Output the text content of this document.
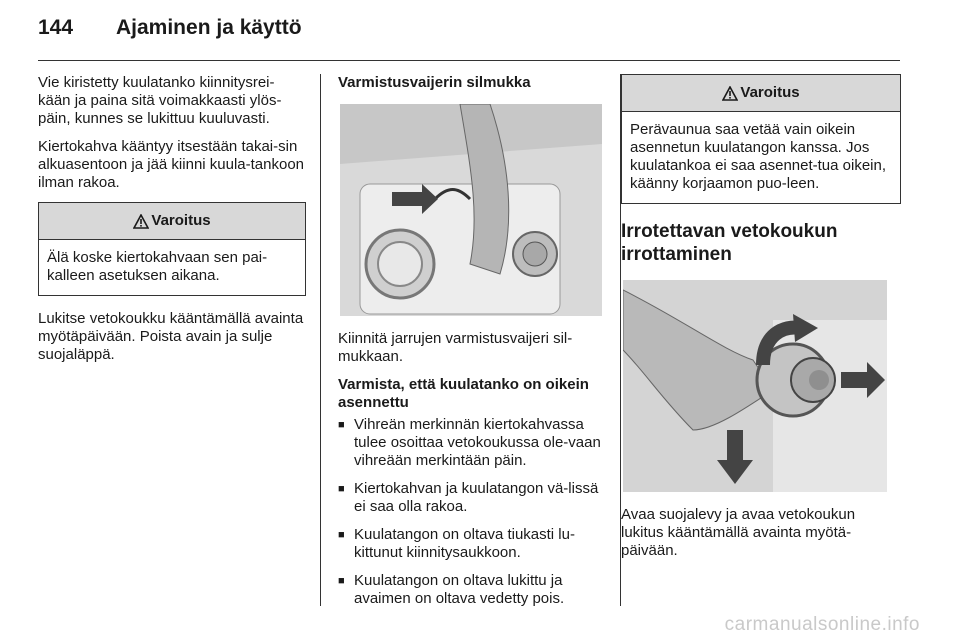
144 Ajaminen ja käyttö

Vie kiristetty kuulatanko kiinnitysrei-kään ja paina sitä voimakkaasti ylös-päin, kunnes se lukittuu kuuluvasti.

Kiertokahva kääntyy itsestään takai-sin alkuasentoon ja jää kiinni kuula-tankoon ilman rakoa.

Varoitus
Älä koske kiertokahvaan sen pai-kalleen asetuksen aikana.

Lukitse vetokoukku kääntämällä avainta myötäpäivään. Poista avain ja sulje suojaläppä.

Varmistusvaijerin silmukka

Kiinnitä jarrujen varmistusvaijeri sil-mukkaan.

Varmista, että kuulatanko on oikein asennettu
■ Vihreän merkinnän kiertokahvassa tulee osoittaa vetokoukussa ole-vaan vihreään merkintään päin.
■ Kiertokahvan ja kuulatangon vä-lissä ei saa olla rakoa.
■ Kuulatangon on oltava tiukasti lu-kittunut kiinnitysaukkoon.
■ Kuulatangon on oltava lukittu ja avaimen on oltava vedetty pois.
Varoitus
Perävaunua saa vetää vain oikein asennetun kuulatangon kanssa. Jos kuulatankoa ei saa asennet-tua oikein, käänny korjaamon puo-leen.
Irrotettavan vetokoukun irrottaminen

Avaa suojalevy ja avaa vetokoukun lukitus kääntämällä avainta myötä-päivään.

carmanualsonline.info
